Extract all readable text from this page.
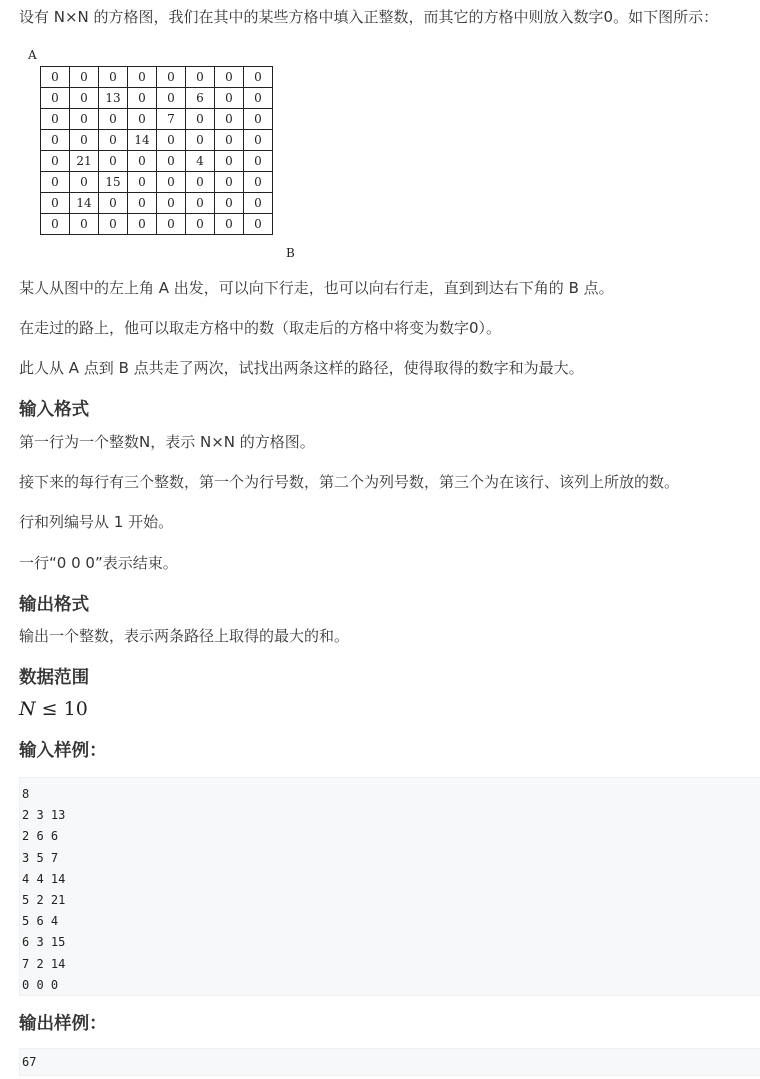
设有 N×N 的方格图，我们在其中的某些方格中填入正整数，而其它的方格中则放入数字0。如下图所示：

A
0	0	0	0	0	0	0	0
0	0	13	0	0	6	0	0
0	0	0	0	7	0	0	0
0	0	0	14	0	0	0	0
0	21	0	0	0	4	0	0
0	0	15	0	0	0	0	0
0	14	0	0	0	0	0	0
0	0	0	0	0	0	0	0
B

某人从图中的左上角 A 出发，可以向下行走，也可以向右行走，直到到达右下角的 B 点。

在走过的路上，他可以取走方格中的数（取走后的方格中将变为数字0）。

此人从 A 点到 B 点共走了两次，试找出两条这样的路径，使得取得的数字和为最大。

输入格式

第一行为一个整数N，表示 N×N 的方格图。

接下来的每行有三个整数，第一个为行号数，第二个为列号数，第三个为在该行、该列上所放的数。

行和列编号从 1 开始。

一行“0 0 0”表示结束。

输出格式

输出一个整数，表示两条路径上取得的最大的和。

数据范围
N ≤ 10
输入样例：
8
2 3 13
2 6 6
3 5 7
4 4 14
5 2 21
5 6 4
6 3 15
7 2 14
0 0 0
输出样例：
67
